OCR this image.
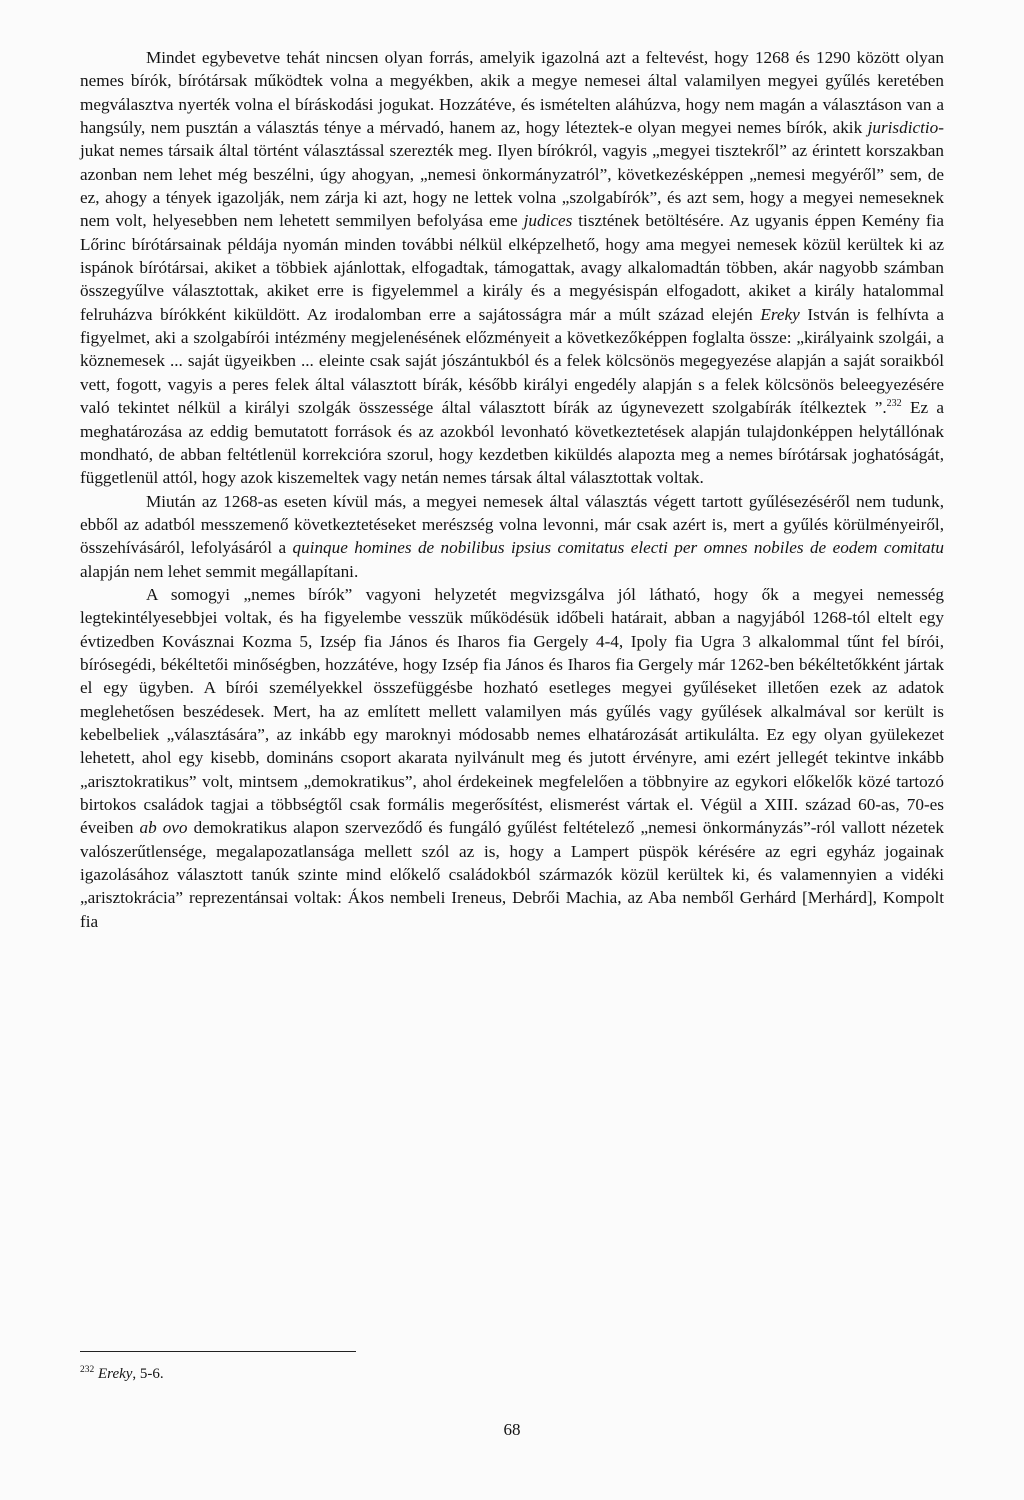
Mindet egybevetve tehát nincsen olyan forrás, amelyik igazolná azt a feltevést, hogy 1268 és 1290 között olyan nemes bírók, bírótársak működtek volna a megyékben, akik a megye nemesei által valamilyen megyei gyűlés keretében megválasztva nyerték volna el bíráskodási jogukat. Hozzátéve, és ismételten aláhúzva, hogy nem magán a választáson van a hangsúly, nem pusztán a választás ténye a mérvadó, hanem az, hogy léteztek-e olyan megyei nemes bírók, akik jurisdictio-jukat nemes társaik által történt választással szerezték meg. Ilyen bírókról, vagyis „megyei tisztekről” az érintett korszakban azonban nem lehet még beszélni, úgy ahogyan, „nemesi önkormányzatról”, következésképpen „nemesi megyéről” sem, de ez, ahogy a tények igazolják, nem zárja ki azt, hogy ne lettek volna „szolgabírók”, és azt sem, hogy a megyei nemeseknek nem volt, helyesebben nem lehetett semmilyen befolyása eme judices tisztének betöltésére. Az ugyanis éppen Kemény fia Lőrinc bírótársainak példája nyomán minden további nélkül elképzelhető, hogy ama megyei nemesek közül kerültek ki az ispánok bírótársai, akiket a többiek ajánlottak, elfogadtak, támogattak, avagy alkalomadtán többen, akár nagyobb számban összegyűlve választottak, akiket erre is figyelemmel a király és a megyésispán elfogadott, akiket a király hatalommal felruházva bírókként kiküldött. Az irodalomban erre a sajátosságra már a múlt század elején Ereky István is felhívta a figyelmet, aki a szolgabírói intézmény megjelenésének előzményeit a következőképpen foglalta össze: „királyaink szolgái, a köznemesek ... saját ügyeikben ... eleinte csak saját jószántukból és a felek kölcsönös megegyezése alapján a saját soraikból vett, fogott, vagyis a peres felek által választott bírák, később királyi engedély alapján s a felek kölcsönös beleegyezésére való tekintet nélkül a királyi szolgák összessége által választott bírák az úgynevezett szolgabírák ítélkeztek ”.$^{232}$ Ez a meghatározása az eddig bemutatott források és az azokból levonható következtetések alapján tulajdonképpen helytállónak mondható, de abban feltétlenül korrekcióra szorul, hogy kezdetben kiküldés alapozta meg a nemes bírótársak joghatóságát, függetlenül attól, hogy azok kiszemeltek vagy netán nemes társak által választottak voltak.

Miután az 1268-as eseten kívül más, a megyei nemesek által választás végett tartott gyűlésezéséről nem tudunk, ebből az adatból messzemenő következtetéseket merészség volna levonni, már csak azért is, mert a gyűlés körülményeiről, összehívásáról, lefolyásáról a quinque homines de nobilibus ipsius comitatus electi per omnes nobiles de eodem comitatu alapján nem lehet semmit megállapítani.

A somogyi „nemes bírók” vagyoni helyzetét megvizsgálva jól látható, hogy ők a megyei nemesség legtekintélyesebbjei voltak, és ha figyelembe vesszük működésük időbeli határait, abban a nagyjából 1268-tól eltelt egy évtizedben Kovásznai Kozma 5, Izsép fia János és Iharos fia Gergely 4-4, Ipoly fia Ugra 3 alkalommal tűnt fel bírói, bírósegédi, békéltetői minőségben, hozzátéve, hogy Izsép fia János és Iharos fia Gergely már 1262-ben békéltetőkként jártak el egy ügyben. A bírói személyekkel összefüggésbe hozható esetleges megyei gyűléseket illetően ezek az adatok meglehetősen beszédesek. Mert, ha az említett mellett valamilyen más gyűlés vagy gyűlések alkalmával sor került is kebelbeliek „választására”, az inkább egy maroknyi módosabb nemes elhatározását artikulálta. Ez egy olyan gyülekezet lehetett, ahol egy kisebb, domináns csoport akarata nyilvánult meg és jutott érvényre, ami ezért jellegét tekintve inkább „arisztokratikus” volt, mintsem „demokratikus”, ahol érdekeinek megfelelően a többnyire az egykori előkelők közé tartozó birtokos családok tagjai a többségtől csak formális megerősítést, elismerést vártak el. Végül a XIII. század 60-as, 70-es éveiben ab ovo demokratikus alapon szerveződő és fungáló gyűlést feltételező „nemesi önkormányzás”-ról vallott nézetek valószerűtlensége, megalapozatlansága mellett szól az is, hogy a Lampert püspök kérésére az egri egyház jogainak igazolásához választott tanúk szinte mind előkelő családokból származók közül kerültek ki, és valamennyien a vidéki „arisztokrácia” reprezentánsai voltak: Ákos nembeli Ireneus, Debrői Machia, az Aba nemből Gerhárd [Merhárd], Kompolt fia

$^{232}$ Ereky, 5-6.
68
